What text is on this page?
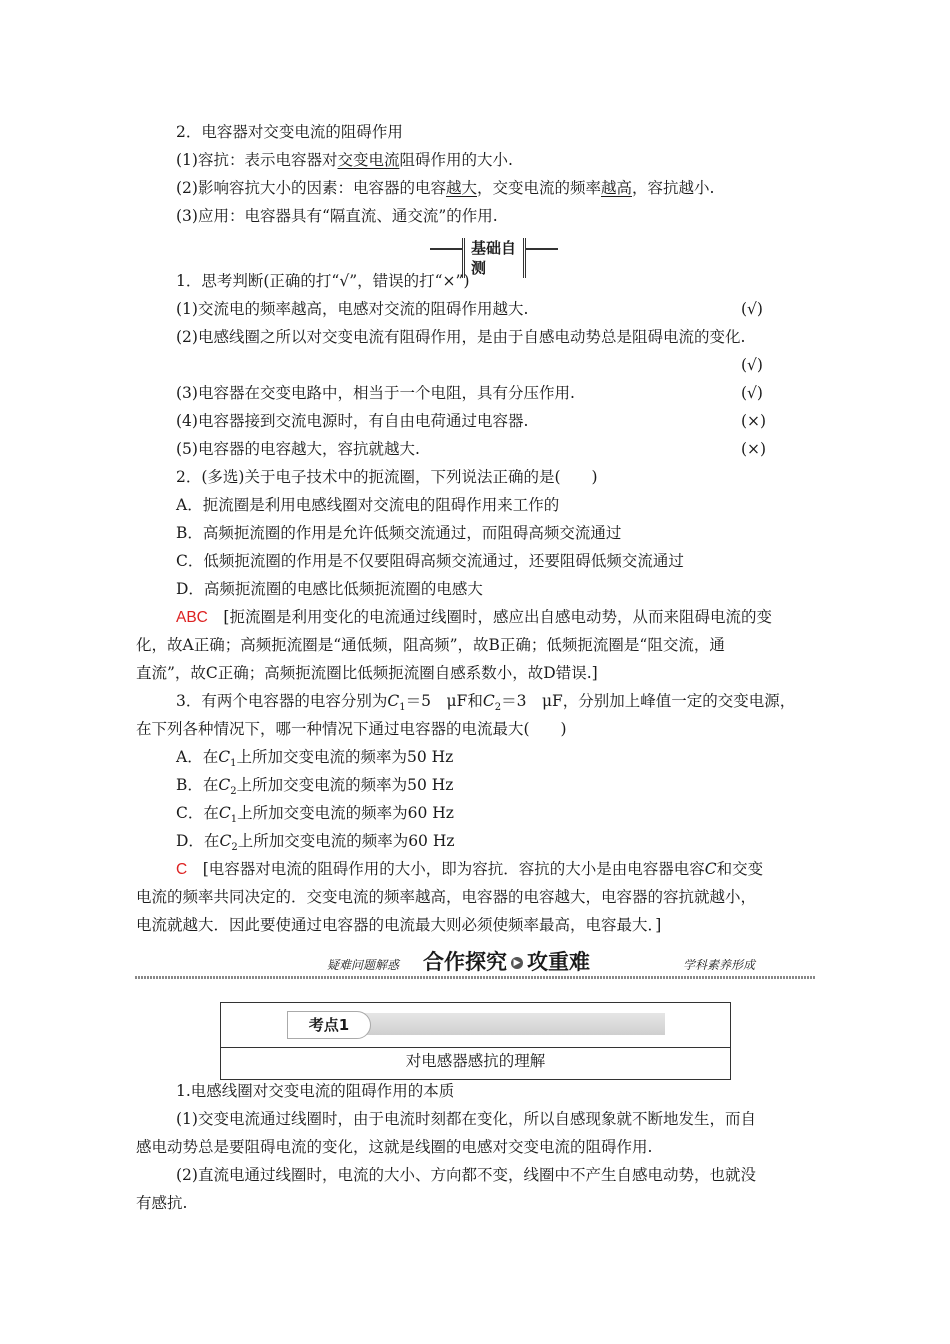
2．电容器对交变电流的阻碍作用
(1)容抗：表示电容器对交变电流阻碍作用的大小.
(2)影响容抗大小的因素：电容器的电容越大，交变电流的频率越高，容抗越小.
(3)应用：电容器具有“隔直流、通交流”的作用.
基础自测
1．思考判断(正确的打“√”，错误的打“×”)
(1)交流电的频率越高，电感对交流的阻碍作用越大.	(√)
(2)电感线圈之所以对交变电流有阻碍作用，是由于自感电动势总是阻碍电流的变化.
(√)
(3)电容器在交变电路中，相当于一个电阻，具有分压作用.	(√)
(4)电容器接到交流电源时，有自由电荷通过电容器.	(×)
(5)电容器的电容越大，容抗就越大.	(×)
2．(多选)关于电子技术中的扼流圈，下列说法正确的是(　　)
A．扼流圈是利用电感线圈对交流电的阻碍作用来工作的
B．高频扼流圈的作用是允许低频交流通过，而阻碍高频交流通过
C．低频扼流圈的作用是不仅要阻碍高频交流通过，还要阻碍低频交流通过
D．高频扼流圈的电感比低频扼流圈的电感大
ABC　 [扼流圈是利用变化的电流通过线圈时，感应出自感电动势，从而来阻碍电流的变
化，故A正确；高频扼流圈是“通低频，阻高频”，故B正确；低频扼流圈是“阻交流，通
直流”，故C正确；高频扼流圈比低频扼流圈自感系数小，故D错误.]
3．有两个电容器的电容分别为$C_1=5$　μF和$C_2=3$　μF，分别加上峰值一定的交变电源，
在下列各种情况下，哪一种情况下通过电容器的电流最大(　　)
A．在$C_1$上所加交变电流的频率为50 Hz
B．在$C_2$上所加交变电流的频率为50 Hz
C．在$C_1$上所加交变电流的频率为60 Hz
D．在$C_2$上所加交变电流的频率为60 Hz
C　 [电容器对电流的阻碍作用的大小，即为容抗．容抗的大小是由电容器电容C和交变
电流的频率共同决定的．交变电流的频率越高，电容器的电容越大，电容器的容抗就越小，
电流就越大．因此要使通过电容器的电流最大则必须使频率最高，电容最大．]
疑难问题解惑 合作探究 ▶ 攻重难	学科素养形成
考点1
对电感器感抗的理解
1.电感线圈对交变电流的阻碍作用的本质
(1)交变电流通过线圈时，由于电流时刻都在变化，所以自感现象就不断地发生，而自
感电动势总是要阻碍电流的变化，这就是线圈的电感对交变电流的阻碍作用.
(2)直流电通过线圈时，电流的大小、方向都不变，线圈中不产生自感电动势，也就没
有感抗.
